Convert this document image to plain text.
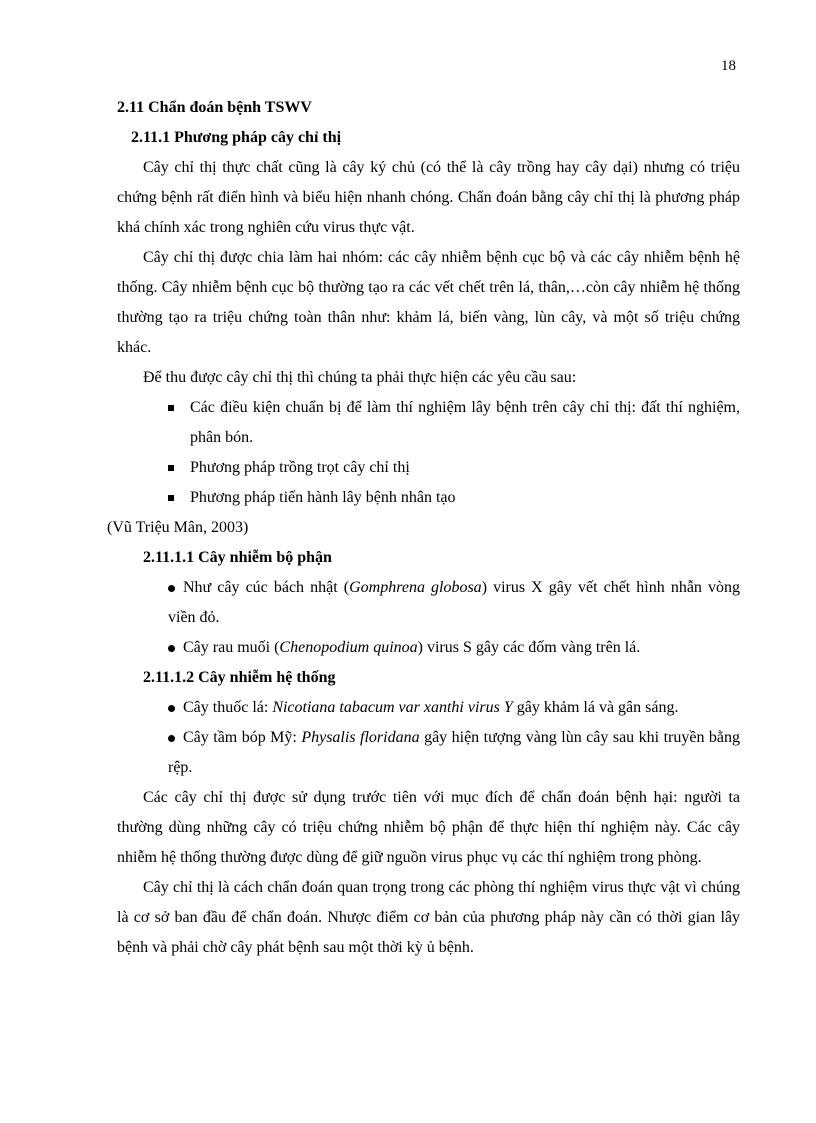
18

2.11 Chẩn đoán bệnh TSWV

2.11.1 Phương pháp cây chỉ thị

Cây chỉ thị thực chất cũng là cây ký chủ (có thể là cây trồng hay cây dại) nhưng có triệu chứng bệnh rất điển hình và biểu hiện nhanh chóng. Chẩn đoán bằng cây chỉ thị là phương pháp khá chính xác trong nghiên cứu virus thực vật.

Cây chỉ thị được chia làm hai nhóm: các cây nhiễm bệnh cục bộ và các cây nhiễm bệnh hệ thống. Cây nhiễm bệnh cục bộ thường tạo ra các vết chết trên lá, thân,…còn cây nhiễm hệ thống thường tạo ra triệu chứng toàn thân như: khảm lá, biến vàng, lùn cây, và một số triệu chứng khác.

Để thu được cây chỉ thị thì chúng ta phải thực hiện các yêu cầu sau:

Các điều kiện chuẩn bị để làm thí nghiệm lây bệnh trên cây chỉ thị: đất thí nghiệm, phân bón.
Phương pháp trồng trọt cây chỉ thị
Phương pháp tiến hành lây bệnh nhân tạo

(Vũ Triệu Mân, 2003)

2.11.1.1 Cây nhiễm bộ phận

Như cây cúc bách nhật (Gomphrena globosa) virus X gây vết chết hình nhẫn vòng viền đỏ.
Cây rau muối (Chenopodium quinoa) virus S gây các đốm vàng trên lá.

2.11.1.2 Cây nhiễm hệ thống

Cây thuốc lá: Nicotiana tabacum var xanthi virus Y gây khảm lá và gân sáng.
Cây tầm bóp Mỹ: Physalis floridana gây hiện tượng vàng lùn cây sau khi truyền bằng rệp.

Các cây chỉ thị được sử dụng trước tiên với mục đích để chẩn đoán bệnh hại: người ta thường dùng những cây có triệu chứng nhiễm bộ phận để thực hiện thí nghiệm này. Các cây nhiễm hệ thống thường được dùng để giữ nguồn virus phục vụ các thí nghiệm trong phòng.

Cây chỉ thị là cách chẩn đoán quan trọng trong các phòng thí nghiệm virus thực vật vì chúng là cơ sở ban đầu để chẩn đoán. Nhược điểm cơ bản của phương pháp này cần có thời gian lây bệnh và phải chờ cây phát bệnh sau một thời kỳ ủ bệnh.
